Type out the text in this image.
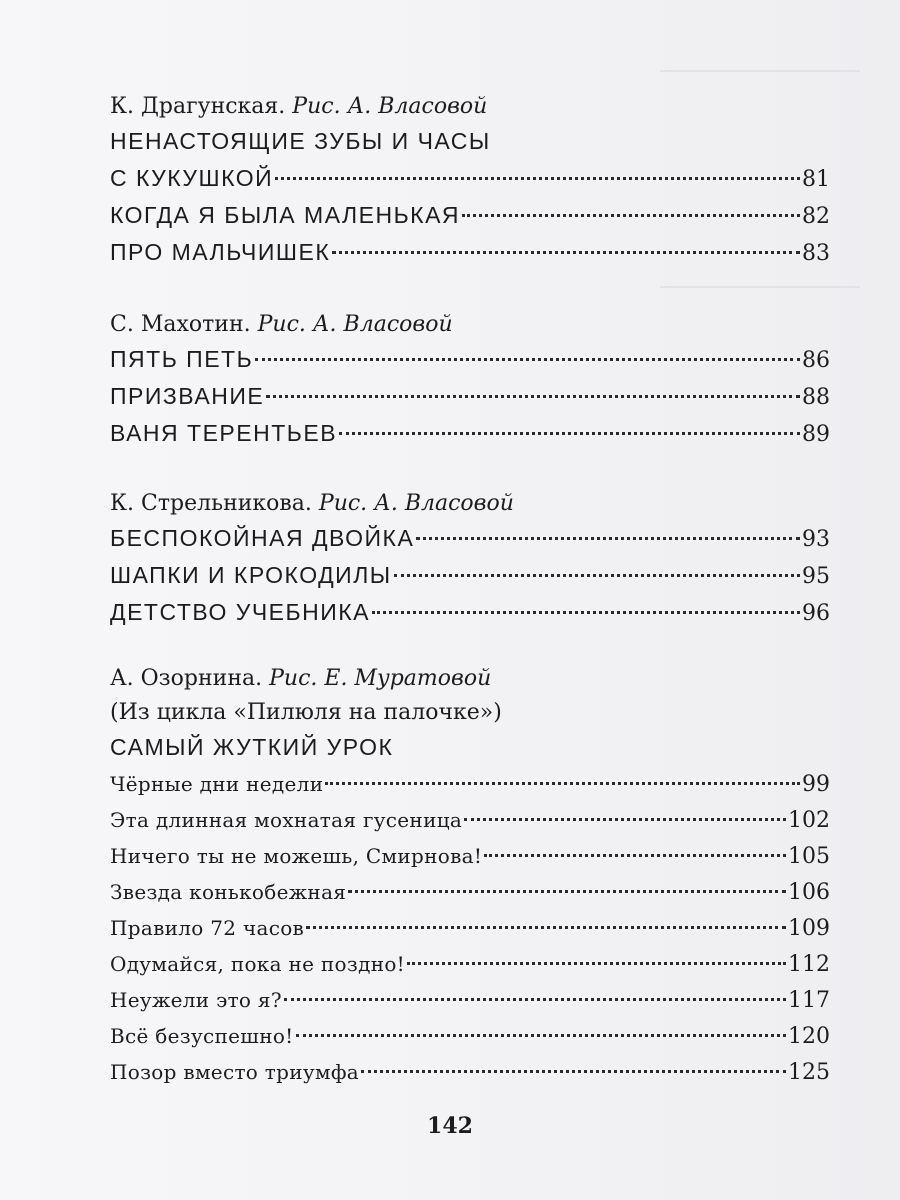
К. Драгунская. Рис. А. Власовой
НЕНАСТОЯЩИЕ ЗУБЫ И ЧАСЫ
С КУКУШКОЙ	81
КОГДА Я БЫЛА МАЛЕНЬКАЯ	82
ПРО МАЛЬЧИШЕК	83
С. Махотин. Рис. А. Власовой
ПЯТЬ ПЕТЬ	86
ПРИЗВАНИЕ	88
ВАНЯ ТЕРЕНТЬЕВ	89
К. Стрельникова. Рис. А. Власовой
БЕСПОКОЙНАЯ ДВОЙКА	93
ШАПКИ И КРОКОДИЛЫ	95
ДЕТСТВО УЧЕБНИКА	96
А. Озорнина. Рис. Е. Муратовой
(Из цикла «Пилюля на палочке»)
САМЫЙ ЖУТКИЙ УРОК
Чёрные дни недели	99
Эта длинная мохнатая гусеница	102
Ничего ты не можешь, Смирнова!	105
Звезда конькобежная	106
Правило 72 часов	109
Одумайся, пока не поздно!	112
Неужели это я?	117
Всё безуспешно!	120
Позор вместо триумфа	125
142
